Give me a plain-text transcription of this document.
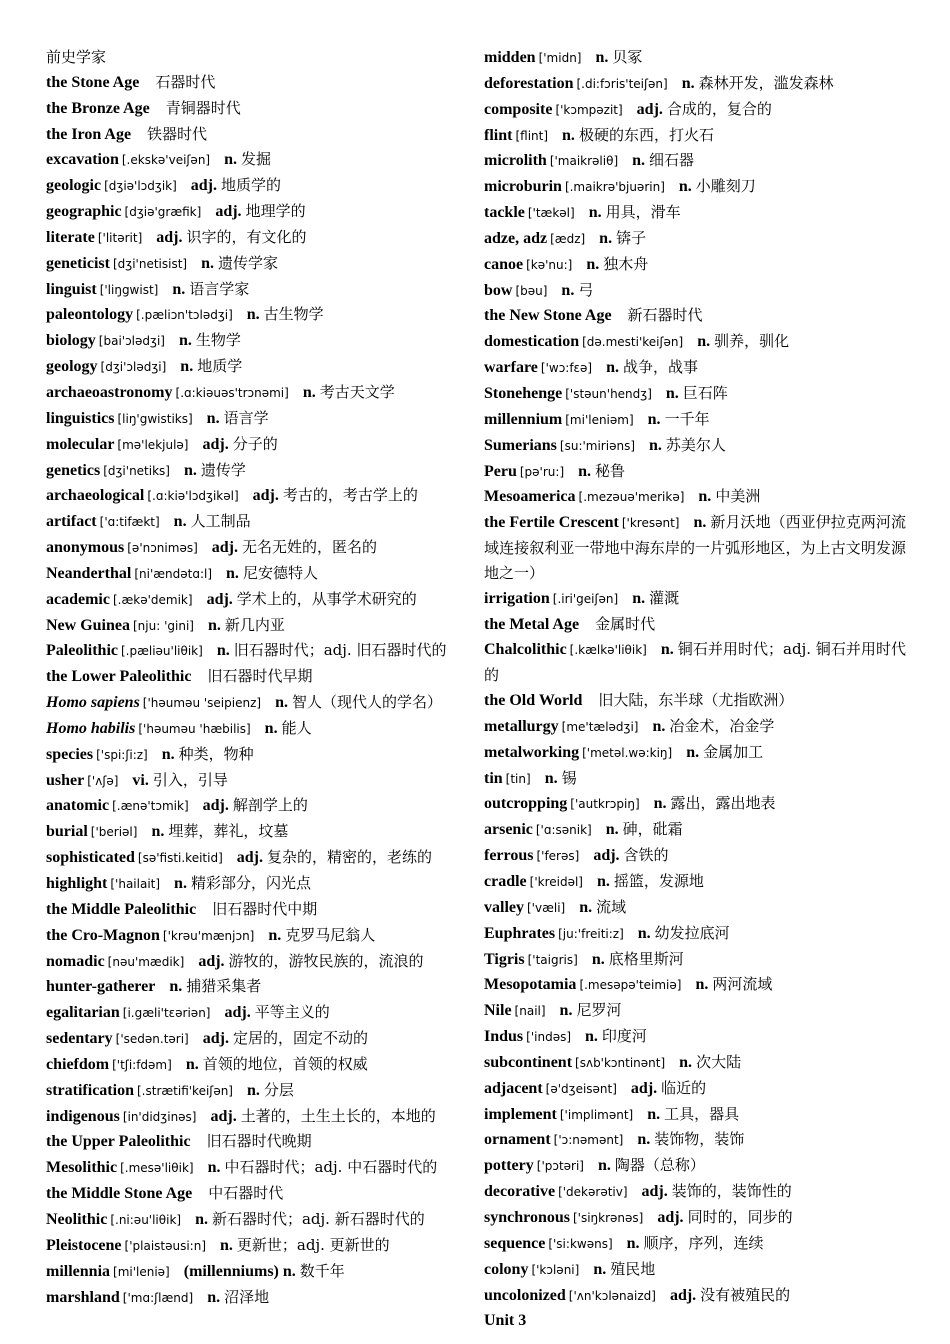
前史学家
the Stone Age 石器时代
the Bronze Age 青铜器时代
the Iron Age 铁器时代
excavation [.ekskə'veiʃən] n. 发掘
geologic [dʒiə'lɔdʒik] adj. 地质学的
geographic [dʒiə'græfik] adj. 地理学的
literate ['litərit] adj. 识字的，有文化的
geneticist [dʒi'netisist] n. 遗传学家
linguist ['liŋgwist] n. 语言学家
paleontology [.pæliɔn'tɔlədʒi] n. 古生物学
biology [bai'ɔlədʒi] n. 生物学
geology [dʒi'ɔlədʒi] n. 地质学
archaeoastronomy [.ɑ:kiəuəs'trɔnəmi] n. 考古天文学
linguistics [liŋ'gwistiks] n. 语言学
molecular [mə'lekjulə] adj. 分子的
genetics [dʒi'netiks] n. 遗传学
archaeological [.ɑ:kiə'lɔdʒikəl] adj. 考古的，考古学上的
artifact ['ɑ:tifækt] n. 人工制品
anonymous [ə'nɔniməs] adj. 无名无姓的，匿名的
Neanderthal [ni'ændətɑ:l] n. 尼安德特人
academic [.ækə'demik] adj. 学术上的，从事学术研究的
New Guinea [nju: 'gini] n. 新几内亚
Paleolithic [.pæliəu'liθik] n. 旧石器时代；adj. 旧石器时代的
the Lower Paleolithic 旧石器时代早期
Homo sapiens ['həuməu 'seipienz] n. 智人（现代人的学名）
Homo habilis ['həuməu 'hæbilis] n. 能人
species ['spi:ʃi:z] n. 种类，物种
usher ['ʌʃə] vi. 引入，引导
anatomic [.ænə'tɔmik] adj. 解剖学上的
burial ['beriəl] n. 埋葬，葬礼，坟墓
sophisticated [sə'fisti.keitid] adj. 复杂的，精密的，老练的
highlight ['hailait] n. 精彩部分，闪光点
the Middle Paleolithic 旧石器时代中期
the Cro-Magnon ['krəu'mænjɔn] n. 克罗马尼翁人
nomadic [nəu'mædik] adj. 游牧的，游牧民族的，流浪的
hunter-gatherer n. 捕猎采集者
egalitarian [i.gæli'tɛəriən] adj. 平等主义的
sedentary ['sedən.təri] adj. 定居的，固定不动的
chiefdom ['tʃi:fdəm] n. 首领的地位，首领的权威
stratification [.strætifi'keiʃən] n. 分层
indigenous [in'didʒinəs] adj. 土著的，土生土长的，本地的
the Upper Paleolithic 旧石器时代晚期
Mesolithic [.mesə'liθik] n. 中石器时代；adj. 中石器时代的
the Middle Stone Age 中石器时代
Neolithic [.ni:əu'liθik] n. 新石器时代；adj. 新石器时代的
Pleistocene ['plaistəusi:n] n. 更新世；adj. 更新世的
millennia [mi'leniə] (millenniums) n. 数千年
marshland ['mɑ:ʃlænd] n. 沼泽地
midden ['midn] n. 贝冢
deforestation [.di:fɔris'teiʃən] n. 森林开发，滥发森林
composite ['kɔmpəzit] adj. 合成的，复合的
flint [flint] n. 极硬的东西，打火石
microlith ['maikrəliθ] n. 细石器
microburin [.maikrə'bjuərin] n. 小雕刻刀
tackle ['tækəl] n. 用具，滑车
adze, adz [ædz] n. 锛子
canoe [kə'nu:] n. 独木舟
bow [bəu] n. 弓
the New Stone Age 新石器时代
domestication [də.mesti'keiʃən] n. 驯养，驯化
warfare ['wɔ:fɛə] n. 战争，战事
Stonehenge ['stəun'hendʒ] n. 巨石阵
millennium [mi'leniəm] n. 一千年
Sumerians [su:'miriəns] n. 苏美尔人
Peru [pə'ru:] n. 秘鲁
Mesoamerica [.mezəuə'merikə] n. 中美洲
the Fertile Crescent ['kresənt] n. 新月沃地（西亚伊拉克两河流域连接叙利亚一带地中海东岸的一片弧形地区，为上古文明发源地之一）
irrigation [.iri'geiʃən] n. 灌溉
the Metal Age 金属时代
Chalcolithic [.kælkə'liθik] n. 铜石并用时代；adj. 铜石并用时代的
the Old World 旧大陆，东半球（尤指欧洲）
metallurgy [me'tælədʒi] n. 冶金术，冶金学
metalworking ['metəl.wə:kiŋ] n. 金属加工
tin [tin] n. 锡
outcropping ['autkrɔpiŋ] n. 露出，露出地表
arsenic ['ɑ:sənik] n. 砷，砒霜
ferrous ['ferəs] adj. 含铁的
cradle ['kreidəl] n. 摇篮，发源地
valley ['væli] n. 流域
Euphrates [ju:'freiti:z] n. 幼发拉底河
Tigris ['taigris] n. 底格里斯河
Mesopotamia [.mesəpə'teimiə] n. 两河流域
Nile [nail] n. 尼罗河
Indus ['indəs] n. 印度河
subcontinent [sʌb'kɔntinənt] n. 次大陆
adjacent [ə'dʒeisənt] adj. 临近的
implement ['implimənt] n. 工具，器具
ornament ['ɔ:nəmənt] n. 装饰物，装饰
pottery ['pɔtəri] n. 陶器（总称）
decorative ['dekərətiv] adj. 装饰的，装饰性的
synchronous ['siŋkrənəs] adj. 同时的，同步的
sequence ['si:kwəns] n. 顺序，序列，连续
colony ['kɔləni] n. 殖民地
uncolonized ['ʌn'kɔlənaizd] adj. 没有被殖民的
Unit 3
